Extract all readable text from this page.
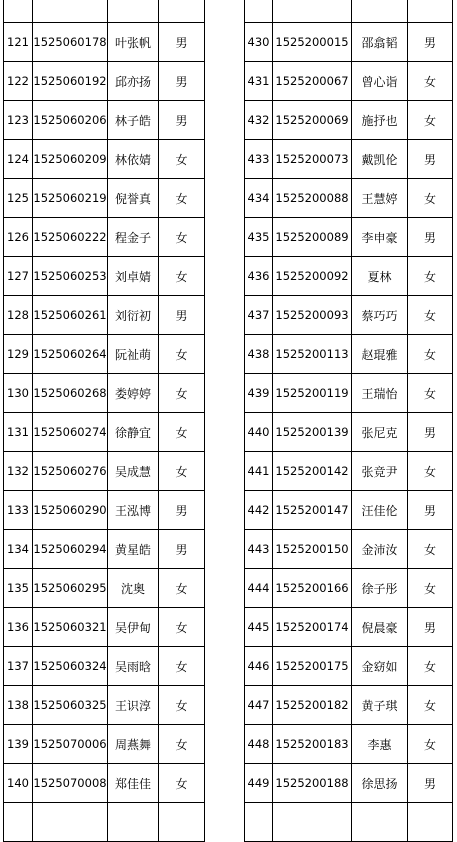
121	1525060178	叶张帆	男
122	1525060192	邱亦扬	男
123	1525060206	林子皓	男
124	1525060209	林依婧	女
125	1525060219	倪誉真	女
126	1525060222	程金子	女
127	1525060253	刘卓婧	女
128	1525060261	刘衍初	男
129	1525060264	阮祉萌	女
130	1525060268	娄婷婷	女
131	1525060274	徐静宜	女
132	1525060276	吴成慧	女
133	1525060290	王泓博	男
134	1525060294	黄星皓	男
135	1525060295	沈奥	女
136	1525060321	吴伊甸	女
137	1525060324	吴雨晗	女
138	1525060325	王识淳	女
139	1525070006	周燕舞	女
140	1525070008	郑佳佳	女

430	1525200015	邵翕韬	男
431	1525200067	曾心诣	女
432	1525200069	施抒也	女
433	1525200073	戴凯伦	男
434	1525200088	王慧婷	女
435	1525200089	李申豪	男
436	1525200092	夏林	女
437	1525200093	蔡巧巧	女
438	1525200113	赵琨雅	女
439	1525200119	王瑞怡	女
440	1525200139	张尼克	男
441	1525200142	张竞尹	女
442	1525200147	汪佳伦	男
443	1525200150	金沛汝	女
444	1525200166	徐子彤	女
445	1525200174	倪晨豪	男
446	1525200175	金窈如	女
447	1525200182	黄子琪	女
448	1525200183	李惠	女
449	1525200188	徐思扬	男
